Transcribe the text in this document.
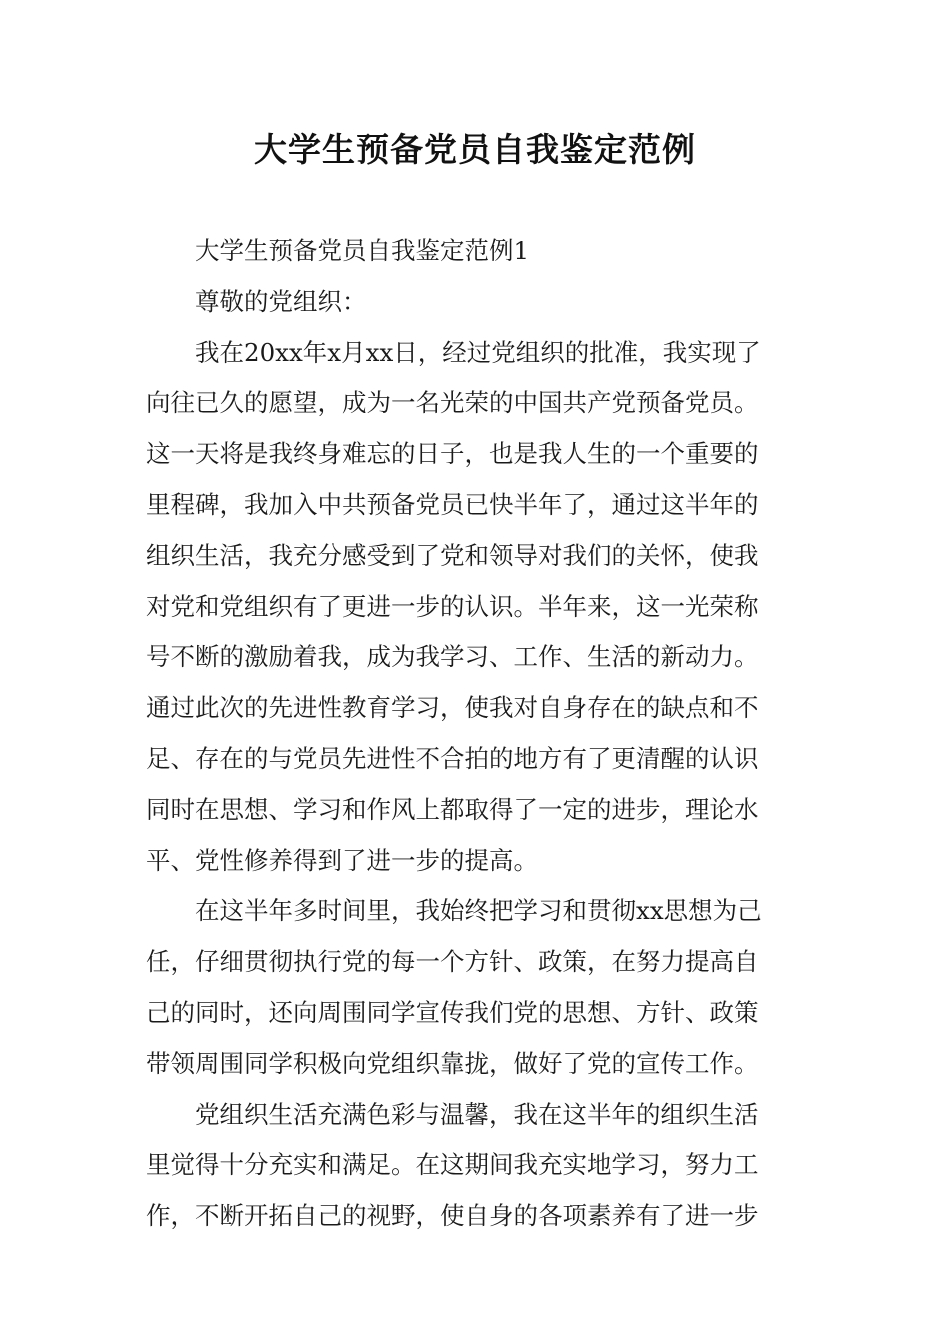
大学生预备党员自我鉴定范例

大学生预备党员自我鉴定范例1

尊敬的党组织：

我在20xx年x月xx日，经过党组织的批准，我实现了
向往已久的愿望，成为一名光荣的中国共产党预备党员。
这一天将是我终身难忘的日子，也是我人生的一个重要的
里程碑，我加入中共预备党员已快半年了，通过这半年的
组织生活，我充分感受到了党和领导对我们的关怀，使我
对党和党组织有了更进一步的认识。半年来，这一光荣称
号不断的激励着我，成为我学习、工作、生活的新动力。
通过此次的先进性教育学习，使我对自身存在的缺点和不
足、存在的与党员先进性不合拍的地方有了更清醒的认识
同时在思想、学习和作风上都取得了一定的进步，理论水
平、党性修养得到了进一步的提高。

在这半年多时间里，我始终把学习和贯彻xx思想为己
任，仔细贯彻执行党的每一个方针、政策，在努力提高自
己的同时，还向周围同学宣传我们党的思想、方针、政策
带领周围同学积极向党组织靠拢，做好了党的宣传工作。

党组织生活充满色彩与温馨，我在这半年的组织生活
里觉得十分充实和满足。在这期间我充实地学习，努力工
作，不断开拓自己的视野，使自身的各项素养有了进一步
